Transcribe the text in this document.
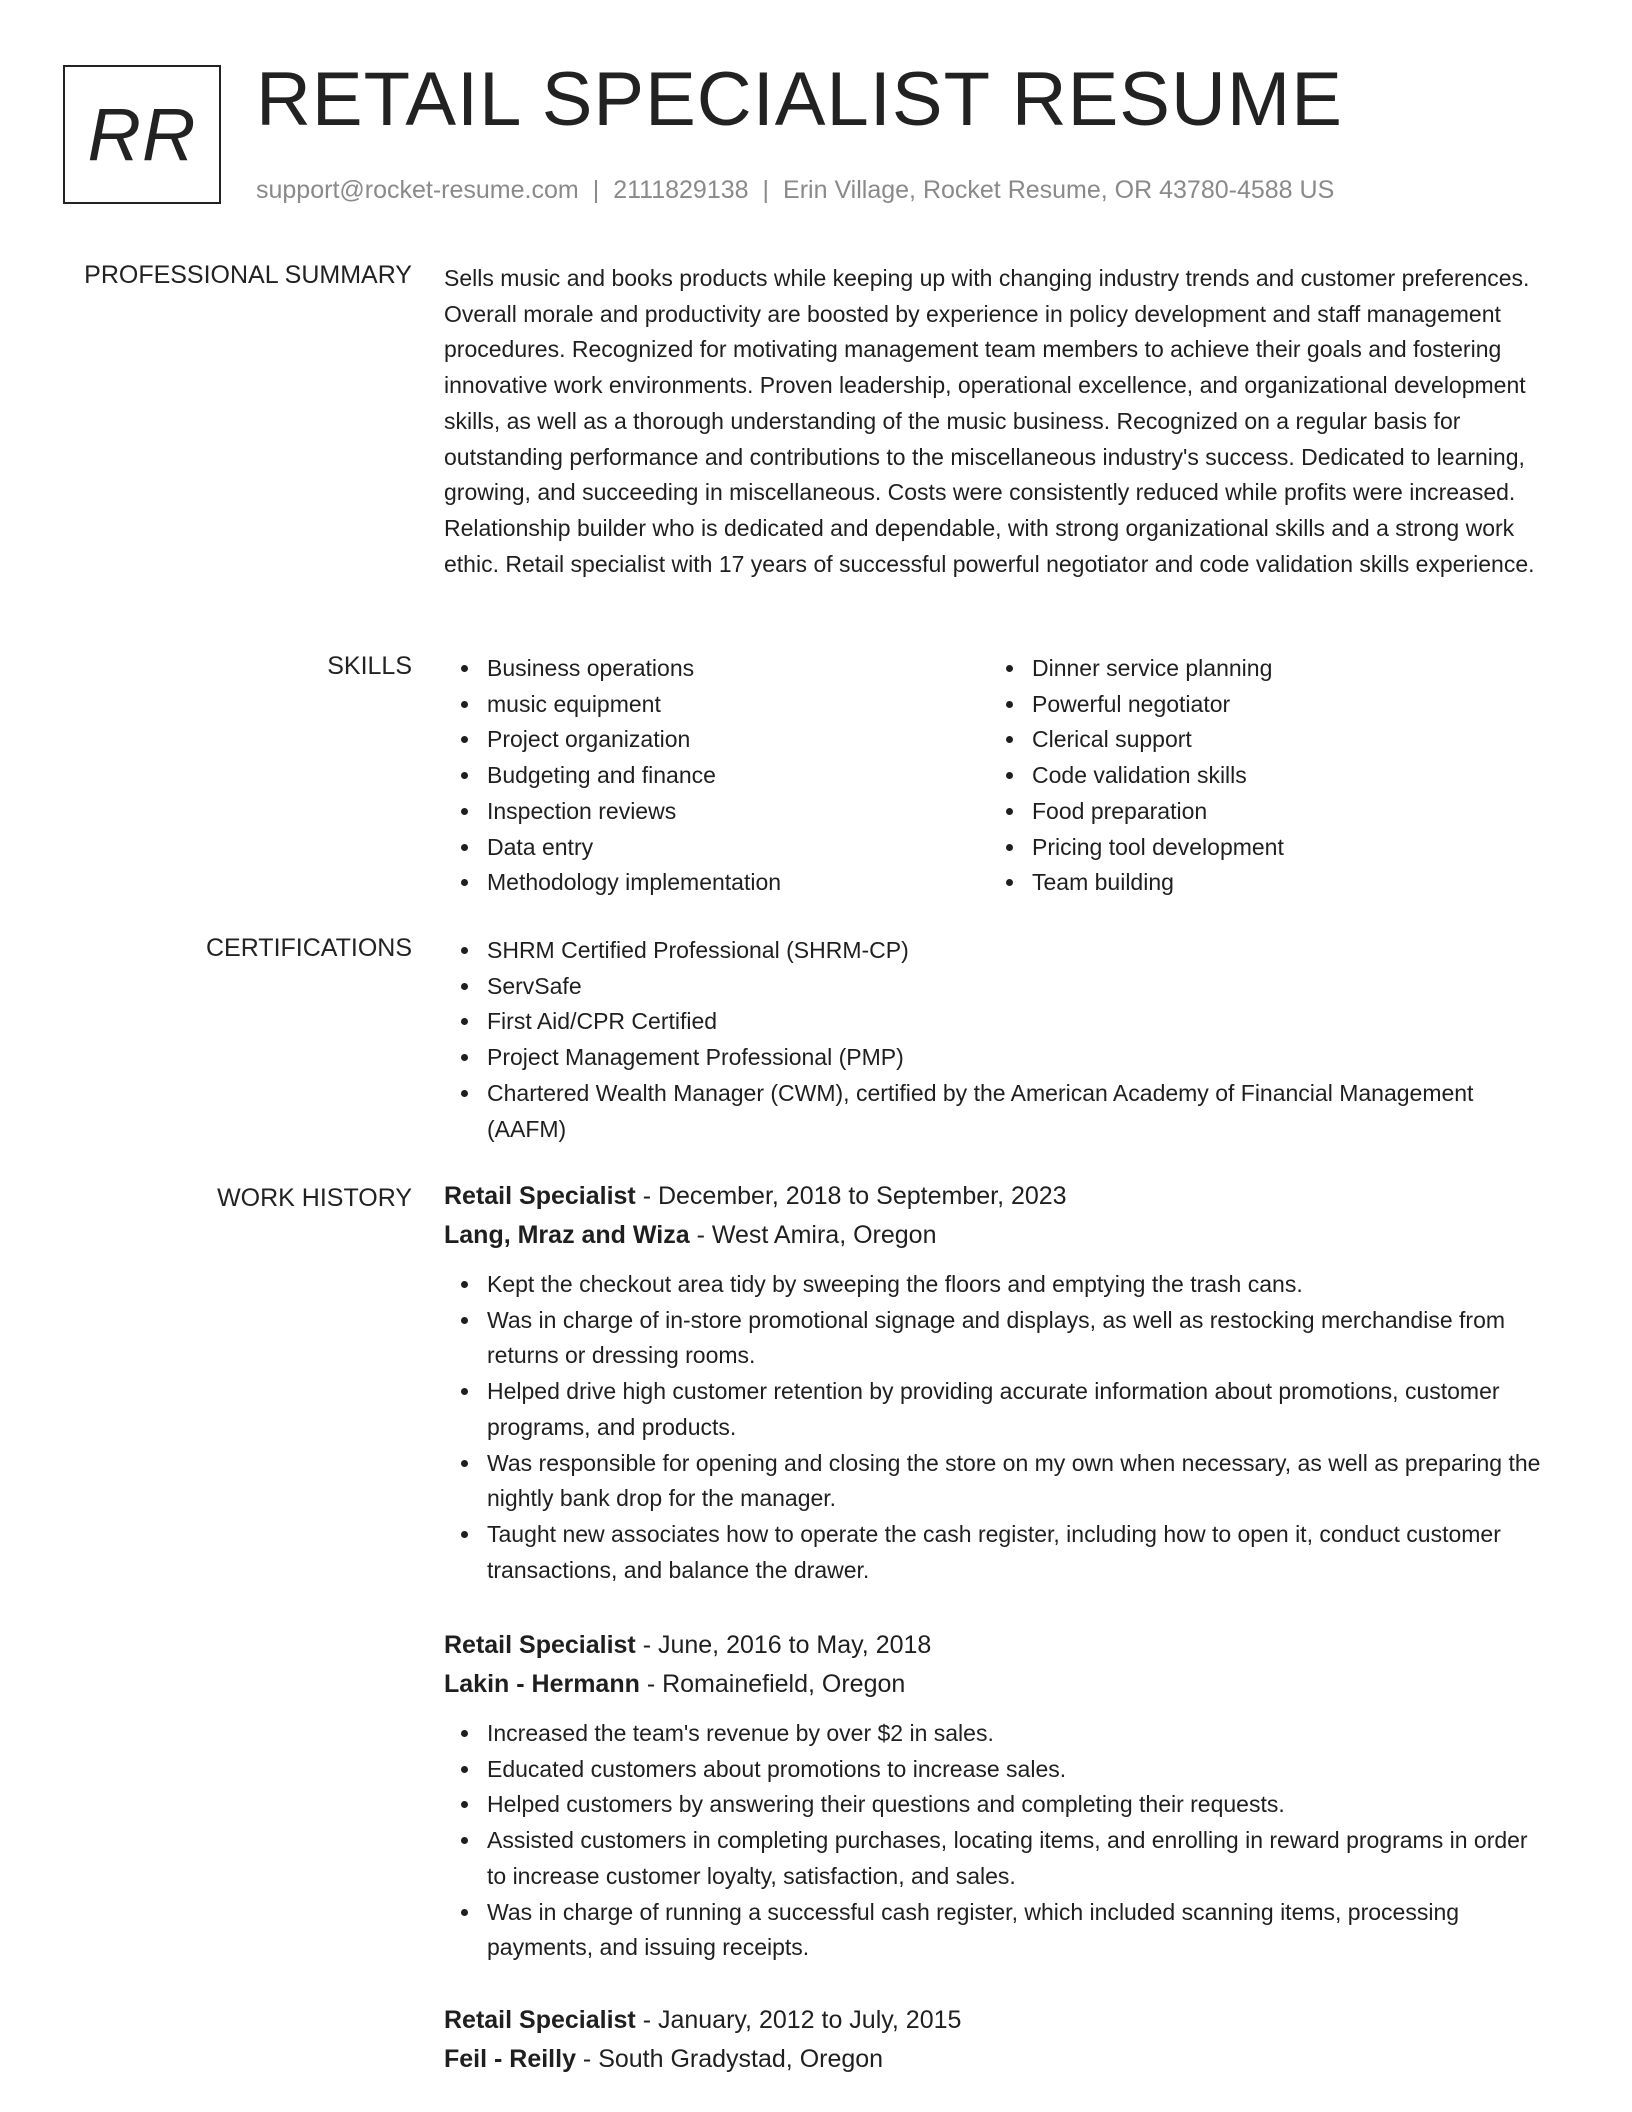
RR RETAIL SPECIALIST RESUME
support@rocket-resume.com | 2111829138 | Erin Village, Rocket Resume, OR 43780-4588 US
PROFESSIONAL SUMMARY Sells music and books products while keeping up with changing industry trends and customer preferences. Overall morale and productivity are boosted by experience in policy development and staff management procedures. Recognized for motivating management team members to achieve their goals and fostering innovative work environments. Proven leadership, operational excellence, and organizational development skills, as well as a thorough understanding of the music business. Recognized on a regular basis for outstanding performance and contributions to the miscellaneous industry's success. Dedicated to learning, growing, and succeeding in miscellaneous. Costs were consistently reduced while profits were increased. Relationship builder who is dedicated and dependable, with strong organizational skills and a strong work ethic. Retail specialist with 17 years of successful powerful negotiator and code validation skills experience.

SKILLS	Business operations
music equipment
Project organization
Budgeting and finance
Inspection reviews
Data entry
Methodology implementation
Dinner service planning
Powerful negotiator
Clerical support
Code validation skills
Food preparation
Pricing tool development
Team building
CERTIFICATIONS	SHRM Certified Professional (SHRM-CP)
ServSafe
First Aid/CPR Certified
Project Management Professional (PMP)
Chartered Wealth Manager (CWM), certified by the American Academy of Financial Management (AAFM)
WORK HISTORY Retail Specialist - December, 2018 to September, 2023
Lang, Mraz and Wiza - West Amira, Oregon
Kept the checkout area tidy by sweeping the floors and emptying the trash cans.
Was in charge of in-store promotional signage and displays, as well as restocking merchandise from returns or dressing rooms.
Helped drive high customer retention by providing accurate information about promotions, customer programs, and products.
Was responsible for opening and closing the store on my own when necessary, as well as preparing the nightly bank drop for the manager.
Taught new associates how to operate the cash register, including how to open it, conduct customer transactions, and balance the drawer.
Retail Specialist - June, 2016 to May, 2018
Lakin - Hermann - Romainefield, Oregon
Increased the team's revenue by over $2 in sales.
Educated customers about promotions to increase sales.
Helped customers by answering their questions and completing their requests.
Assisted customers in completing purchases, locating items, and enrolling in reward programs in order to increase customer loyalty, satisfaction, and sales.
Was in charge of running a successful cash register, which included scanning items, processing payments, and issuing receipts.
Retail Specialist - January, 2012 to July, 2015
Feil - Reilly - South Gradystad, Oregon
